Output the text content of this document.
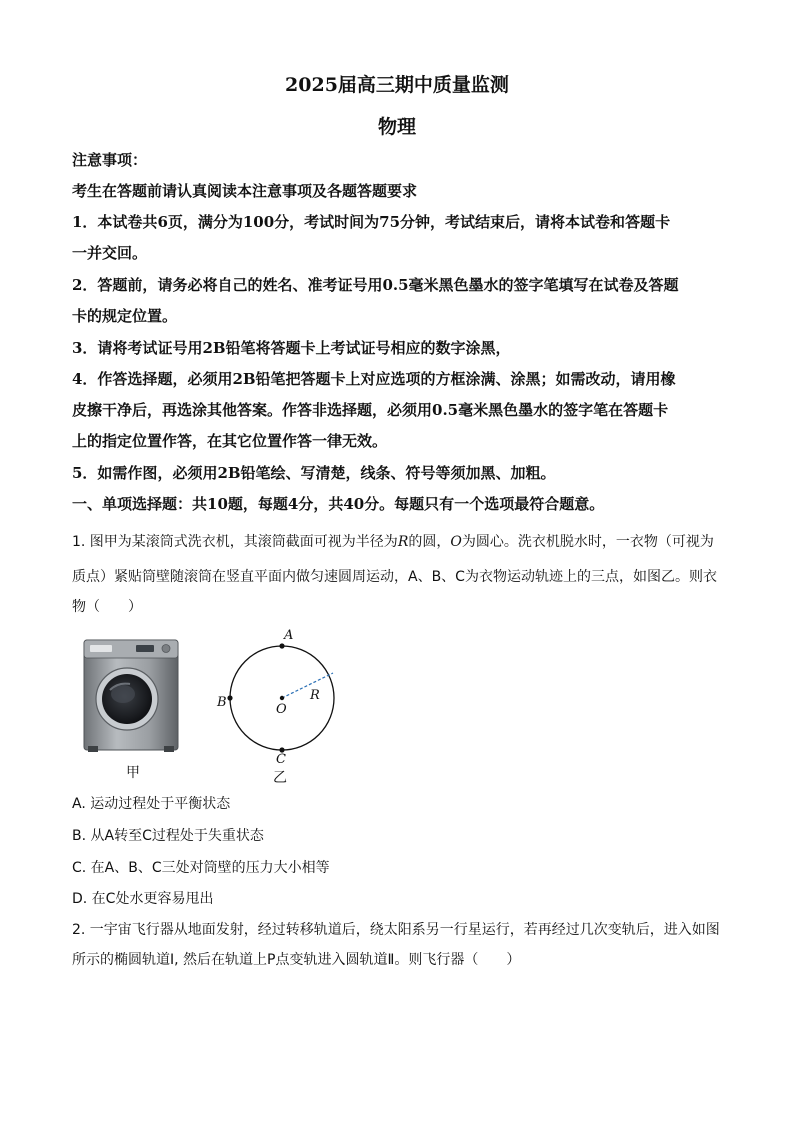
2025届高三期中质量监测
物理
注意事项：
考生在答题前请认真阅读本注意事项及各题答题要求
1．本试卷共6页，满分为100分，考试时间为75分钟，考试结束后，请将本试卷和答题卡
一并交回。
2．答题前，请务必将自己的姓名、准考证号用0.5毫米黑色墨水的签字笔填写在试卷及答题
卡的规定位置。
3．请将考试证号用2B铅笔将答题卡上考试证号相应的数字涂黑，
4．作答选择题，必须用2B铅笔把答题卡上对应选项的方框涂满、涂黑；如需改动，请用橡
皮擦干净后，再选涂其他答案。作答非选择题，必须用0.5毫米黑色墨水的签字笔在答题卡
上的指定位置作答，在其它位置作答一律无效。
5．如需作图，必须用2B铅笔绘、写清楚，线条、符号等须加黑、加粗。
一、单项选择题：共10题，每题4分，共40分。每题只有一个选项最符合题意。
1. 图甲为某滚筒式洗衣机，其滚筒截面可视为半径为R的圆，O为圆心。洗衣机脱水时，一衣物（可视为
质点）紧贴筒壁随滚筒在竖直平面内做匀速圆周运动，A、B、C为衣物运动轨迹上的三点，如图乙。则衣
物（　　）
甲
A
B	O
R
C
乙
A. 运动过程处于平衡状态
B. 从A转至C过程处于失重状态
C. 在A、B、C三处对筒壁的压力大小相等
D. 在C处水更容易甩出
2. 一宇宙飞行器从地面发射，经过转移轨道后，绕太阳系另一行星运行，若再经过几次变轨后，进入如图
所示的椭圆轨道Ⅰ, 然后在轨道上P点变轨进入圆轨道Ⅱ。则飞行器（　　）
